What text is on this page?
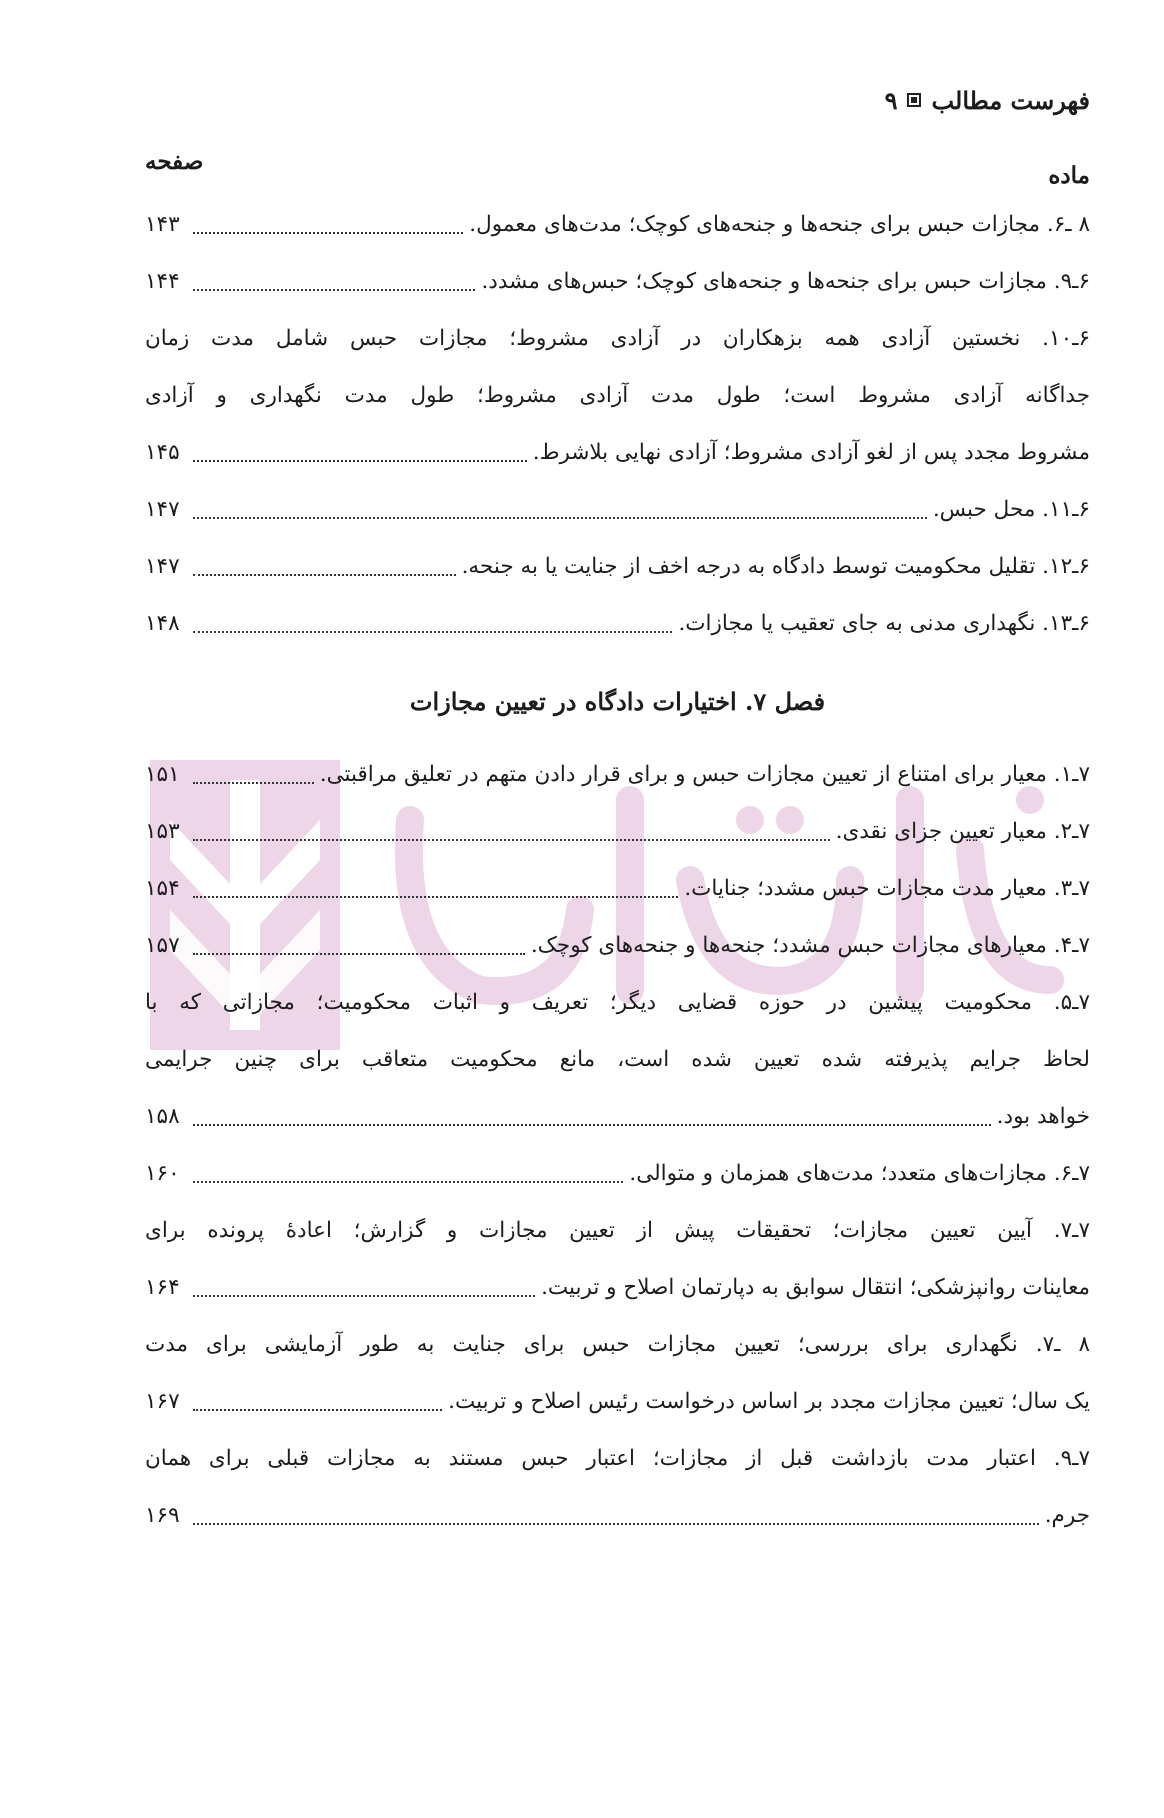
فهرست مطالب
۹
ماده
صفحه
۸ ـ۶. مجازات حبس برای جنحه‌ها و جنحه‌های کوچک؛ مدت‌های معمول.
۱۴۳
۶ـ۹. مجازات حبس برای جنحه‌ها و جنحه‌های کوچک؛ حبس‌های مشدد.
۱۴۴
۶ـ۱۰. نخستین آزادی همه بزهکاران در آزادی مشروط؛ مجازات حبس شامل مدت زمان
جداگانه آزادی مشروط است؛ طول مدت آزادی مشروط؛ طول مدت نگهداری و آزادی
مشروط مجدد پس از لغو آزادی مشروط؛ آزادی نهایی بلاشرط.
۱۴۵
۶ـ۱۱. محل حبس.
۱۴۷
۶ـ۱۲. تقلیل محکومیت توسط دادگاه به درجه اخف از جنایت یا به جنحه.
۱۴۷
۶ـ۱۳. نگهداری مدنی به جای تعقیب یا مجازات.
۱۴۸
فصل ۷. اختیارات دادگاه در تعیین مجازات
۷ـ۱. معیار برای امتناع از تعیین مجازات حبس و برای قرار دادن متهم در تعلیق مراقبتی.
۱۵۱
۷ـ۲. معیار تعیین جزای نقدی.
۱۵۳
۷ـ۳. معیار مدت مجازات حبس مشدد؛ جنایات.
۱۵۴
۷ـ۴. معیارهای مجازات حبس مشدد؛ جنحه‌ها و جنحه‌های کوچک.
۱۵۷
۷ـ۵. محکومیت پیشین در حوزه قضایی دیگر؛ تعریف و اثبات محکومیت؛ مجازاتی که با
لحاظ جرایم پذیرفته شده تعیین شده است، مانع محکومیت متعاقب برای چنین جرایمی
خواهد بود.
۱۵۸
۷ـ۶. مجازات‌های متعدد؛ مدت‌های همزمان و متوالی.
۱۶۰
۷ـ۷. آیین تعیین مجازات؛ تحقیقات پیش از تعیین مجازات و گزارش؛ اعادهٔ پرونده برای
معاینات روانپزشکی؛ انتقال سوابق به دپارتمان اصلاح و تربیت.
۱۶۴
۸ ـ۷. نگهداری برای بررسی؛ تعیین مجازات حبس برای جنایت به طور آزمایشی برای مدت
یک سال؛ تعیین مجازات مجدد بر اساس درخواست رئیس اصلاح و تربیت.
۱۶۷
۷ـ۹. اعتبار مدت بازداشت قبل از مجازات؛ اعتبار حبس مستند به مجازات قبلی برای همان
جرم.
۱۶۹
